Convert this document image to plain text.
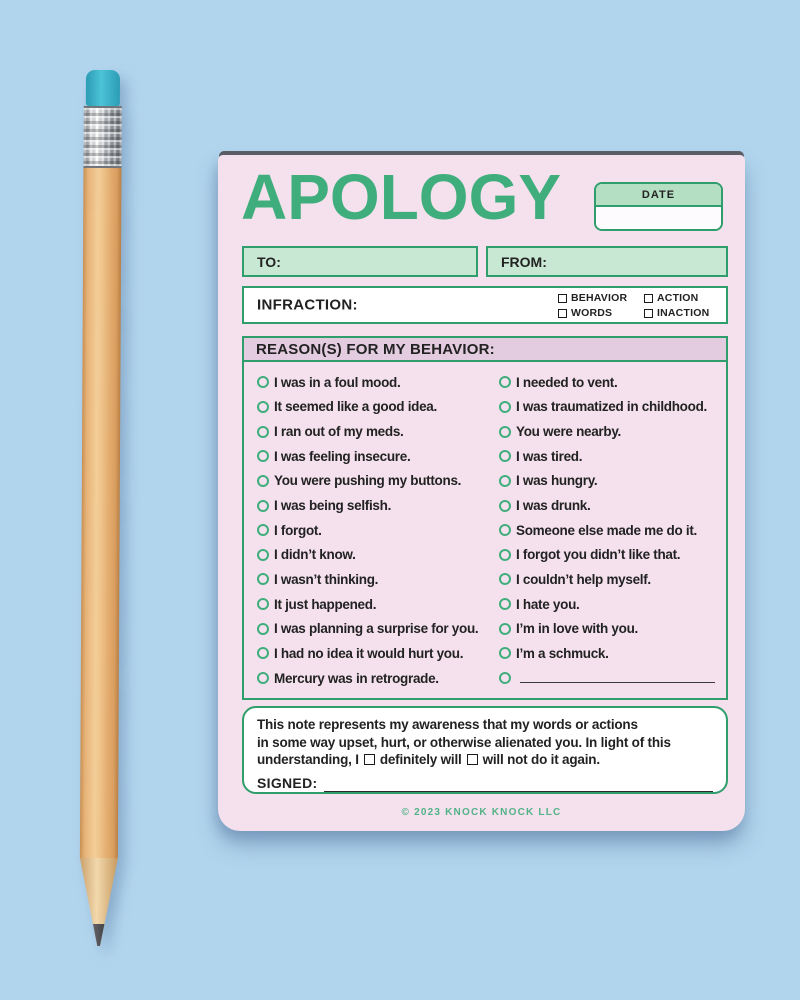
APOLOGY	DATE
TO:	FROM:
INFRACTION:	BEHAVIOR	ACTION
WORDS	INACTION
REASON(S) FOR MY BEHAVIOR:
I was in a foul mood.
It seemed like a good idea.
I ran out of my meds.
I was feeling insecure.
You were pushing my buttons.
I was being selfish.
I forgot.
I didn’t know.
I wasn’t thinking.
It just happened.
I was planning a surprise for you.
I had no idea it would hurt you.
Mercury was in retrograde.
I needed to vent.
I was traumatized in childhood.
You were nearby.
I was tired.
I was hungry.
I was drunk.
Someone else made me do it.
I forgot you didn’t like that.
I couldn’t help myself.
I hate you.
I’m in love with you.
I’m a schmuck.
This note represents my awareness that my words or actions
in some way upset, hurt, or otherwise alienated you. In light of this
understanding, I definitely will will not do it again.
SIGNED:
© 2023 KNOCK KNOCK LLC
